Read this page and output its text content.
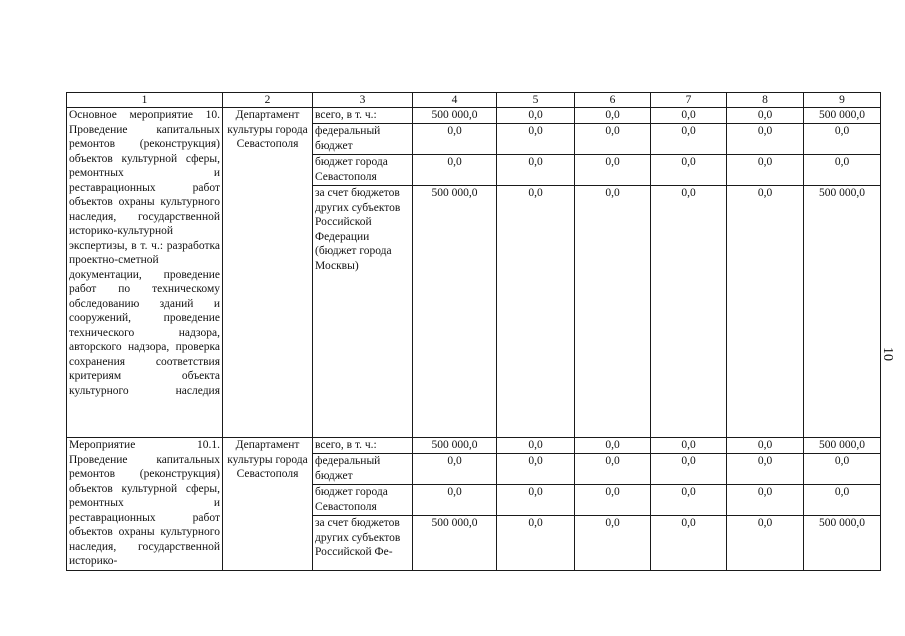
1	2	3	4	5	6	7	8	9
Основное мероприятие 10. Проведение капитальных ремонтов (реконструкция) объектов культурной сферы, ремонтных и реставрационных работ объектов охраны культурного наследия, государственной историко-культурной экспертизы, в т. ч.: разработка проектно-сметной документации, проведение работ по техническому обследованию зданий и сооружений, проведение технического надзора, авторского надзора, проверка сохранения соответствия критериям объекта культурного наследия	Департамент культуры города Севастополя	всего, в т. ч.:	500 000,0	0,0	0,0	0,0	0,0	500 000,0
		федеральный бюджет	0,0	0,0	0,0	0,0	0,0	0,0
		бюджет города Севастополя	0,0	0,0	0,0	0,0	0,0	0,0
		за счет бюджетов других субъектов Российской Федерации (бюджет города Москвы)	500 000,0	0,0	0,0	0,0	0,0	500 000,0
Мероприятие 10.1. Проведение капитальных ремонтов (реконструкция) объектов культурной сферы, ремонтных и реставрационных работ объектов охраны культурного наследия, государственной историко-	Департамент культуры города Севастополя	всего, в т. ч.:	500 000,0	0,0	0,0	0,0	0,0	500 000,0
		федеральный бюджет	0,0	0,0	0,0	0,0	0,0	0,0
		бюджет города Севастополя	0,0	0,0	0,0	0,0	0,0	0,0
		за счет бюджетов других субъектов Российской Фе-	500 000,0	0,0	0,0	0,0	0,0	500 000,0
10
